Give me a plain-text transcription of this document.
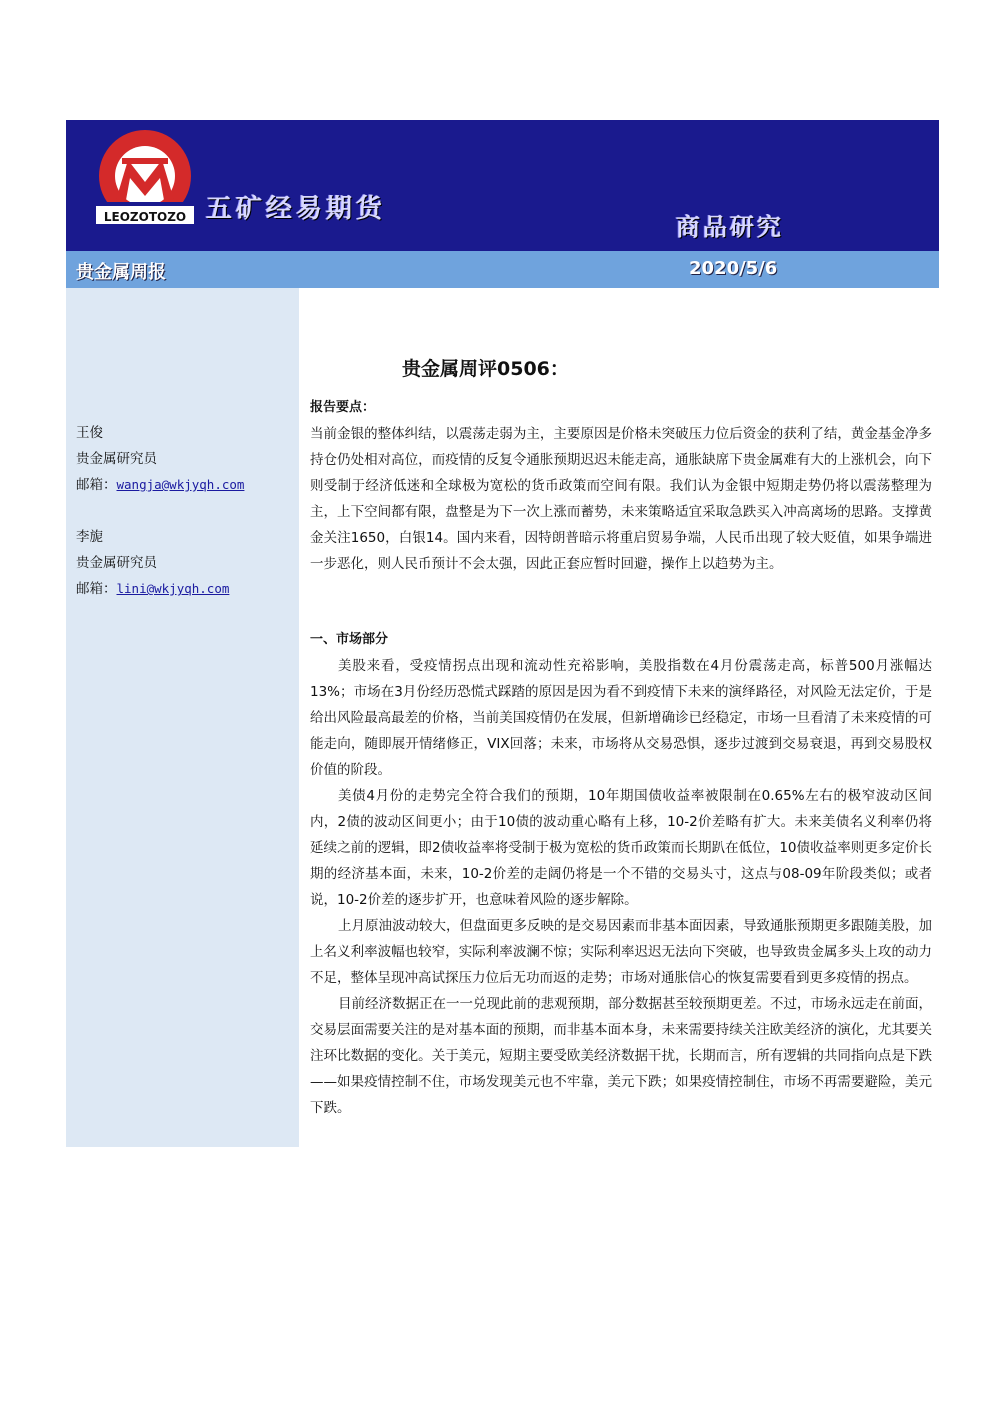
LEOZOTOZO 五矿经易期货
商品研究
贵金属周报	2020/5/6
王俊
贵金属研究员
邮箱：wangja@wkjyqh.com
李旎
贵金属研究员
邮箱：lini@wkjyqh.com
贵金属周评0506：

报告要点：

当前金银的整体纠结，以震荡走弱为主，主要原因是价格未突破压力位后资金的获利了结，黄金基金净多持仓仍处相对高位，而疫情的反复令通胀预期迟迟未能走高，通胀缺席下贵金属难有大的上涨机会，向下则受制于经济低迷和全球极为宽松的货币政策而空间有限。我们认为金银中短期走势仍将以震荡整理为主，上下空间都有限，盘整是为下一次上涨而蓄势，未来策略适宜采取急跌买入冲高离场的思路。支撑黄金关注1650，白银14。国内来看，因特朗普暗示将重启贸易争端，人民币出现了较大贬值，如果争端进一步恶化，则人民币预计不会太强，因此正套应暂时回避，操作上以趋势为主。

一、市场部分

美股来看，受疫情拐点出现和流动性充裕影响，美股指数在4月份震荡走高，标普500月涨幅达13%；市场在3月份经历恐慌式踩踏的原因是因为看不到疫情下未来的演绎路径，对风险无法定价，于是给出风险最高最差的价格，当前美国疫情仍在发展，但新增确诊已经稳定，市场一旦看清了未来疫情的可能走向，随即展开情绪修正，VIX回落；未来，市场将从交易恐惧，逐步过渡到交易衰退，再到交易股权价值的阶段。

美债4月份的走势完全符合我们的预期，10年期国债收益率被限制在0.65%左右的极窄波动区间内，2债的波动区间更小；由于10债的波动重心略有上移，10-2价差略有扩大。未来美债名义利率仍将延续之前的逻辑，即2债收益率将受制于极为宽松的货币政策而长期趴在低位，10债收益率则更多定价长期的经济基本面，未来，10-2价差的走阔仍将是一个不错的交易头寸，这点与08-09年阶段类似；或者说，10-2价差的逐步扩开，也意味着风险的逐步解除。

上月原油波动较大，但盘面更多反映的是交易因素而非基本面因素，导致通胀预期更多跟随美股，加上名义利率波幅也较窄，实际利率波澜不惊；实际利率迟迟无法向下突破，也导致贵金属多头上攻的动力不足，整体呈现冲高试探压力位后无功而返的走势；市场对通胀信心的恢复需要看到更多疫情的拐点。

目前经济数据正在一一兑现此前的悲观预期，部分数据甚至较预期更差。不过，市场永远走在前面，交易层面需要关注的是对基本面的预期，而非基本面本身，未来需要持续关注欧美经济的演化，尤其要关注环比数据的变化。关于美元，短期主要受欧美经济数据干扰，长期而言，所有逻辑的共同指向点是下跌——如果疫情控制不住，市场发现美元也不牢靠，美元下跌；如果疫情控制住，市场不再需要避险，美元下跌。
